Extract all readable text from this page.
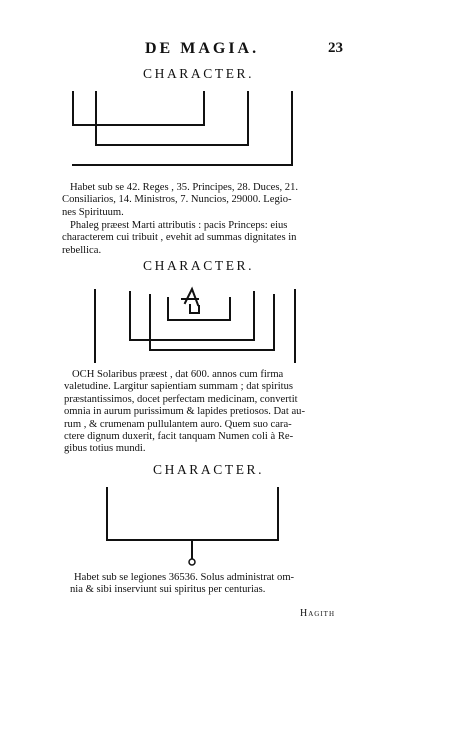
DE MAGIA.	23
CHARACTER.
Habet sub se 42. Reges , 35. Principes, 28. Duces, 21.
Consiliarios, 14. Ministros, 7. Nuncios, 29000. Legio-
nes Spirituum.
Phaleg præest Marti attributis : pacis Princeps: eius
characterem cui tribuit , evehit ad summas dignitates in
rebellica.
CHARACTER.
OCH Solaribus præest , dat 600. annos cum firma
valetudine. Largitur sapientiam summam ; dat spiritus
præstantissimos, docet perfectam medicinam, convertit
omnia in aurum purissimum & lapides pretiosos. Dat au-
rum , & crumenam pullulantem auro. Quem suo cara-
ctere dignum duxerit, facit tanquam Numen coli à Re-
gibus totius mundi.
CHARACTER.
Habet sub se legiones 36536. Solus administrat om-
nia & sibi inserviunt sui spiritus per centurias.
Hagith
